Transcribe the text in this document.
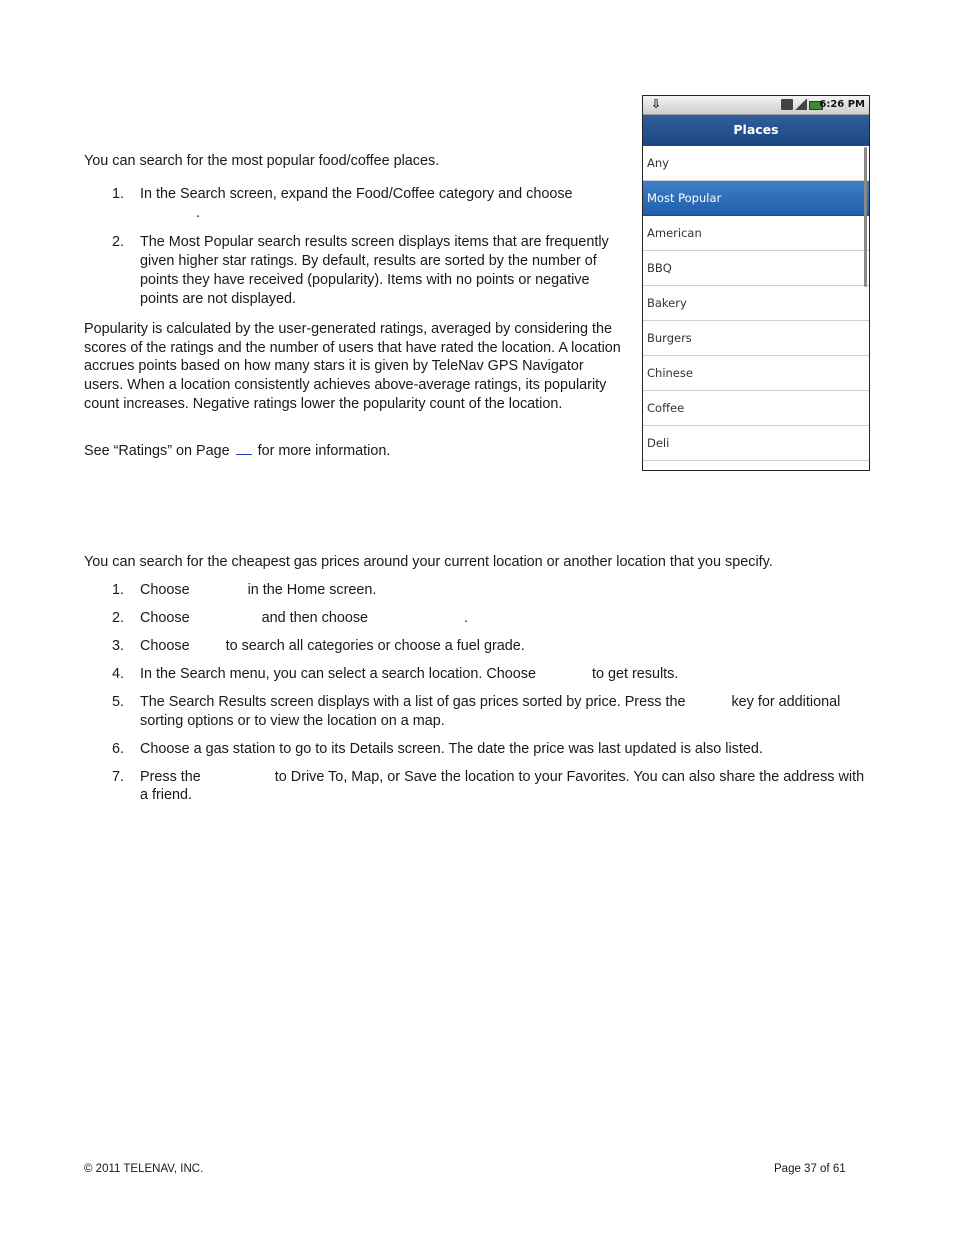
You can search for the most popular food/coffee places.

1. In the Search screen, expand the Food/Coffee category and choose
.
2. The Most Popular search results screen displays items that are frequently given higher star ratings. By default, results are sorted by the number of points they have received (popularity). Items with no points or negative points are not displayed.

Popularity is calculated by the user-generated ratings, averaged by considering the scores of the ratings and the number of users that have rated the location. A location accrues points based on how many stars it is given by TeleNav GPS Navigator users. When a location consistently achieves above-average ratings, its popularity count increases. Negative ratings lower the popularity count of the location.

See “Ratings” on Page for more information.

⇩	6:26 PM
Places
Any
Most Popular
American
BBQ
Bakery
Burgers
Chinese
Coffee
Deli

You can search for the cheapest gas prices around your current location or another location that you specify.

1. Choose	in the Home screen.
2. Choose	and then choose	.
3. Choose	to search all categories or choose a fuel grade.
4. In the Search menu, you can select a search location. Choose	to get results.
5. The Search Results screen displays with a list of gas prices sorted by price. Press the	key for additional sorting options or to view the location on a map.
6. Choose a gas station to go to its Details screen. The date the price was last updated is also listed.
7. Press the	to Drive To, Map, or Save the location to your Favorites. You can also share the address with a friend.

© 2011 TELENAV, INC.	Page 37 of 61
